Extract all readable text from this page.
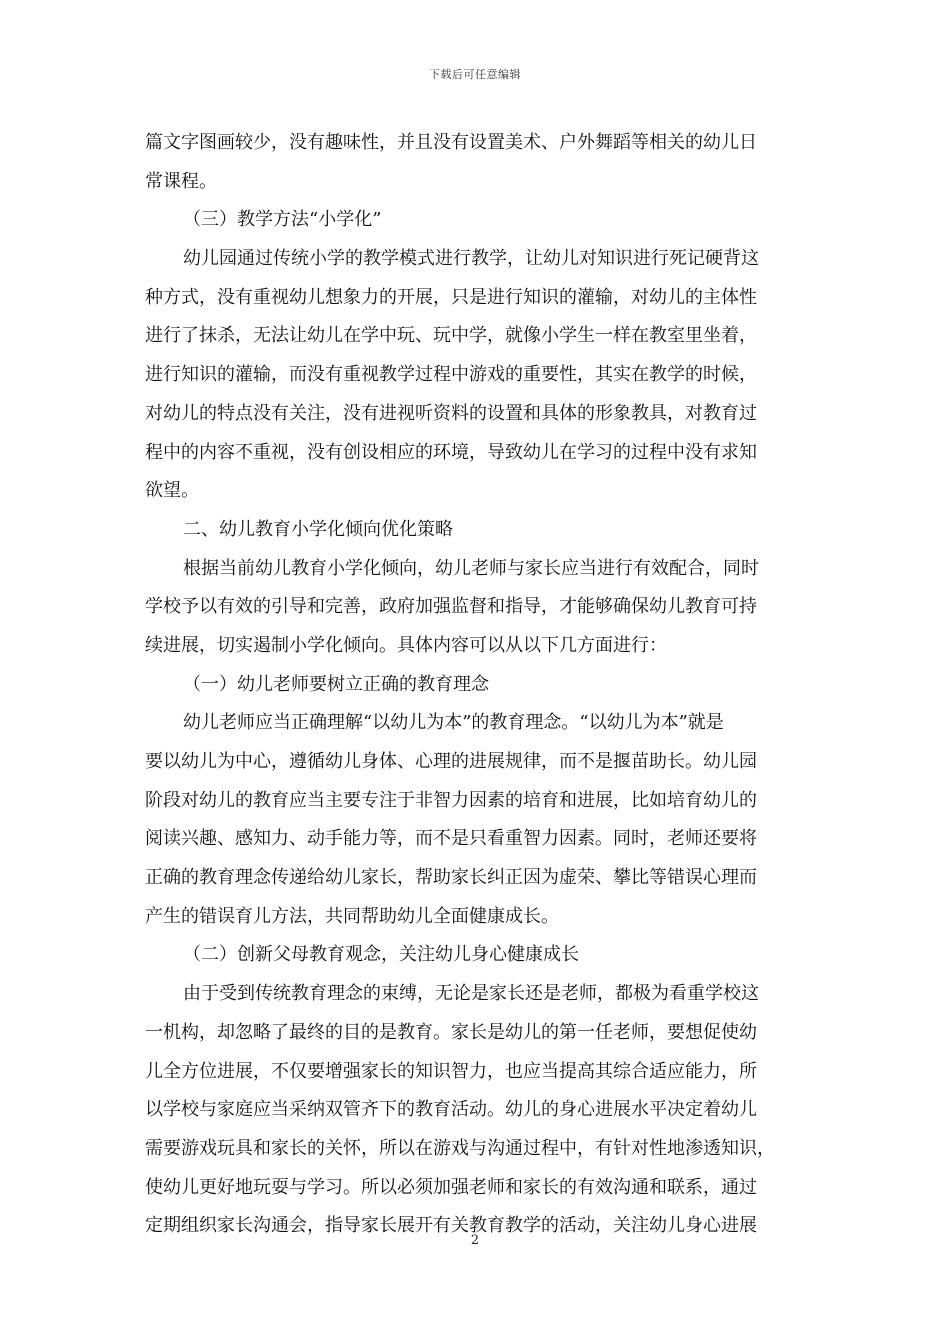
下载后可任意编辑
篇文字图画较少，没有趣味性，并且没有设置美术、户外舞蹈等相关的幼儿日
常课程。
（三）教学方法“小学化”
幼儿园通过传统小学的教学模式进行教学，让幼儿对知识进行死记硬背这
种方式，没有重视幼儿想象力的开展，只是进行知识的灌输，对幼儿的主体性
进行了抹杀，无法让幼儿在学中玩、玩中学，就像小学生一样在教室里坐着，
进行知识的灌输，而没有重视教学过程中游戏的重要性，其实在教学的时候，
对幼儿的特点没有关注，没有进视听资料的设置和具体的形象教具，对教育过
程中的内容不重视，没有创设相应的环境，导致幼儿在学习的过程中没有求知
欲望。
二、幼儿教育小学化倾向优化策略
根据当前幼儿教育小学化倾向，幼儿老师与家长应当进行有效配合，同时
学校予以有效的引导和完善，政府加强监督和指导，才能够确保幼儿教育可持
续进展，切实遏制小学化倾向。具体内容可以从以下几方面进行：
（一）幼儿老师要树立正确的教育理念
幼儿老师应当正确理解“以幼儿为本”的教育理念。“以幼儿为本”就是
要以幼儿为中心，遵循幼儿身体、心理的进展规律，而不是揠苗助长。幼儿园
阶段对幼儿的教育应当主要专注于非智力因素的培育和进展，比如培育幼儿的
阅读兴趣、感知力、动手能力等，而不是只看重智力因素。同时，老师还要将
正确的教育理念传递给幼儿家长，帮助家长纠正因为虚荣、攀比等错误心理而
产生的错误育儿方法，共同帮助幼儿全面健康成长。
（二）创新父母教育观念，关注幼儿身心健康成长
由于受到传统教育理念的束缚，无论是家长还是老师，都极为看重学校这
一机构，却忽略了最终的目的是教育。家长是幼儿的第一任老师，要想促使幼
儿全方位进展，不仅要增强家长的知识智力，也应当提高其综合适应能力，所
以学校与家庭应当采纳双管齐下的教育活动。幼儿的身心进展水平决定着幼儿
需要游戏玩具和家长的关怀，所以在游戏与沟通过程中，有针对性地渗透知识，
使幼儿更好地玩耍与学习。所以必须加强老师和家长的有效沟通和联系，通过
定期组织家长沟通会，指导家长展开有关教育教学的活动，关注幼儿身心进展
2
